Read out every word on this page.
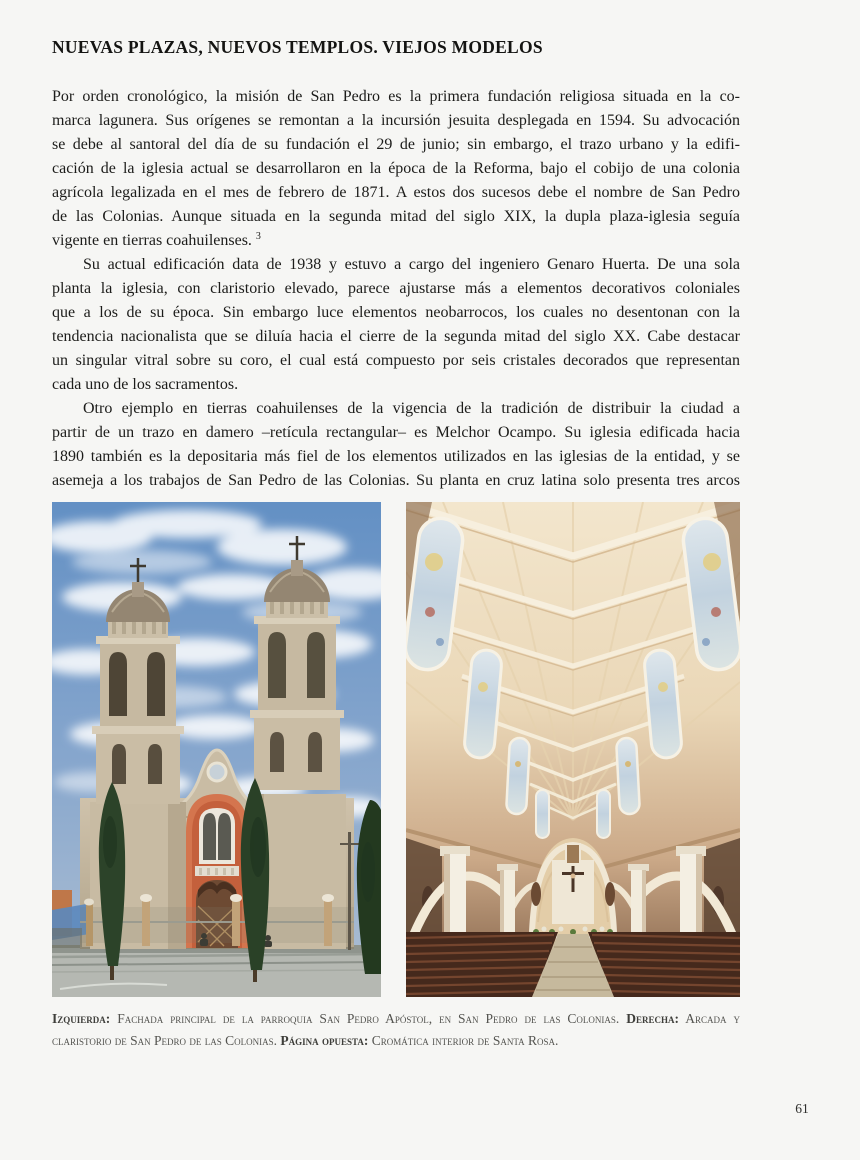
NUEVAS PLAZAS, NUEVOS TEMPLOS. VIEJOS MODELOS
Por orden cronológico, la misión de San Pedro es la primera fundación religiosa situada en la co-
marca lagunera. Sus orígenes se remontan a la incursión jesuita desplegada en 1594. Su advocación
se debe al santoral del día de su fundación el 29 de junio; sin embargo, el trazo urbano y la edifi-
cación de la iglesia actual se desarrollaron en la época de la Reforma, bajo el cobijo de una colonia
agrícola legalizada en el mes de febrero de 1871. A estos dos sucesos debe el nombre de San Pedro
de las Colonias. Aunque situada en la segunda mitad del siglo XIX, la dupla plaza-iglesia seguía
vigente en tierras coahuilenses. $^3$
Su actual edificación data de 1938 y estuvo a cargo del ingeniero Genaro Huerta. De una sola
planta la iglesia, con claristorio elevado, parece ajustarse más a elementos decorativos coloniales
que a los de su época. Sin embargo luce elementos neobarrocos, los cuales no desentonan con la
tendencia nacionalista que se diluía hacia el cierre de la segunda mitad del siglo XX. Cabe destacar
un singular vitral sobre su coro, el cual está compuesto por seis cristales decorados que representan
cada uno de los sacramentos.
Otro ejemplo en tierras coahuilenses de la vigencia de la tradición de distribuir la ciudad a
partir de un trazo en damero –retícula rectangular– es Melchor Ocampo. Su iglesia edificada hacia
1890 también es la depositaria más fiel de los elementos utilizados en las iglesias de la entidad, y se
asemeja a los trabajos de San Pedro de las Colonias. Su planta en cruz latina solo presenta tres arcos

Izquierda: Fachada principal de la parroquia San Pedro Apóstol, en San Pedro de las Colonias. Derecha: Arcada y claristorio de San Pedro de las Colonias. Página opuesta: Cromática interior de Santa Rosa.

61
